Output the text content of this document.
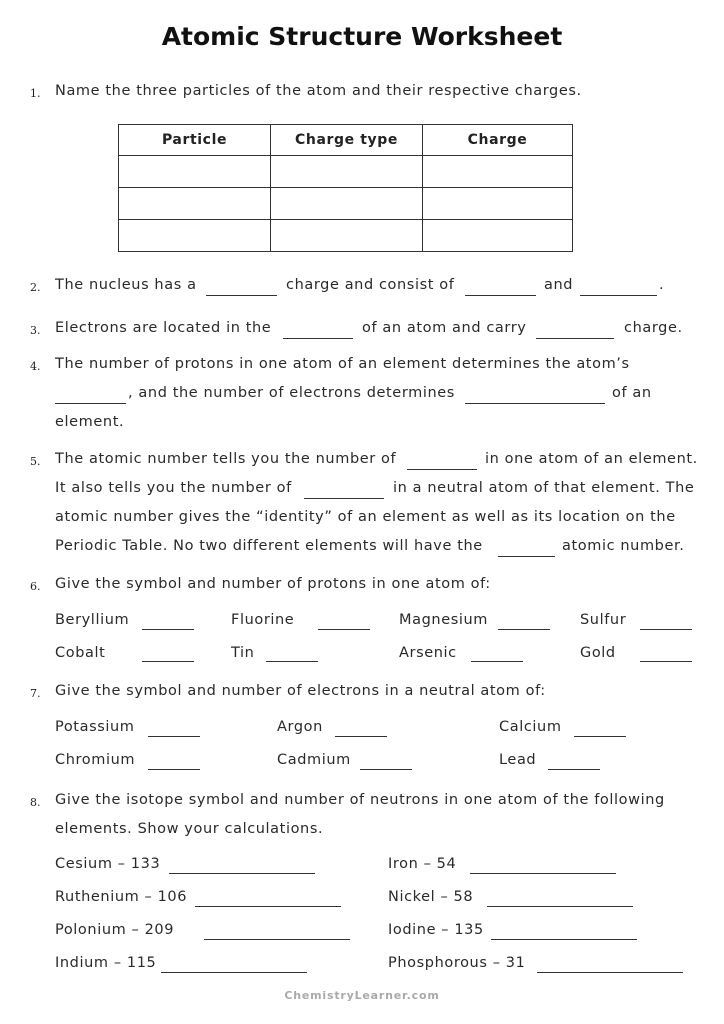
Atomic Structure Worksheet
1. Name the three particles of the atom and their respective charges.
Particle	Charge type	Charge

2. The nucleus has a	charge and consist of	and	.
3. Electrons are located in the	of an atom and carry	charge.
4. The number of protons in one atom of an element determines the atom’s
, and the number of electrons determines	of an
element.
5. The atomic number tells you the number of	in one atom of an element.
It also tells you the number of	in a neutral atom of that element. The
atomic number gives the “identity” of an element as well as its location on the
Periodic Table. No two different elements will have the	atomic number.
6. Give the symbol and number of protons in one atom of:
Beryllium	Fluorine	Magnesium	Sulfur
Cobalt	Tin	Arsenic	Gold
7. Give the symbol and number of electrons in a neutral atom of:
Potassium	Argon	Calcium
Chromium	Cadmium	Lead
8. Give the isotope symbol and number of neutrons in one atom of the following
elements. Show your calculations.
Cesium – 133	Iron – 54
Ruthenium – 106	Nickel – 58
Polonium – 209	Iodine – 135
Indium – 115	Phosphorous – 31
ChemistryLearner.com
